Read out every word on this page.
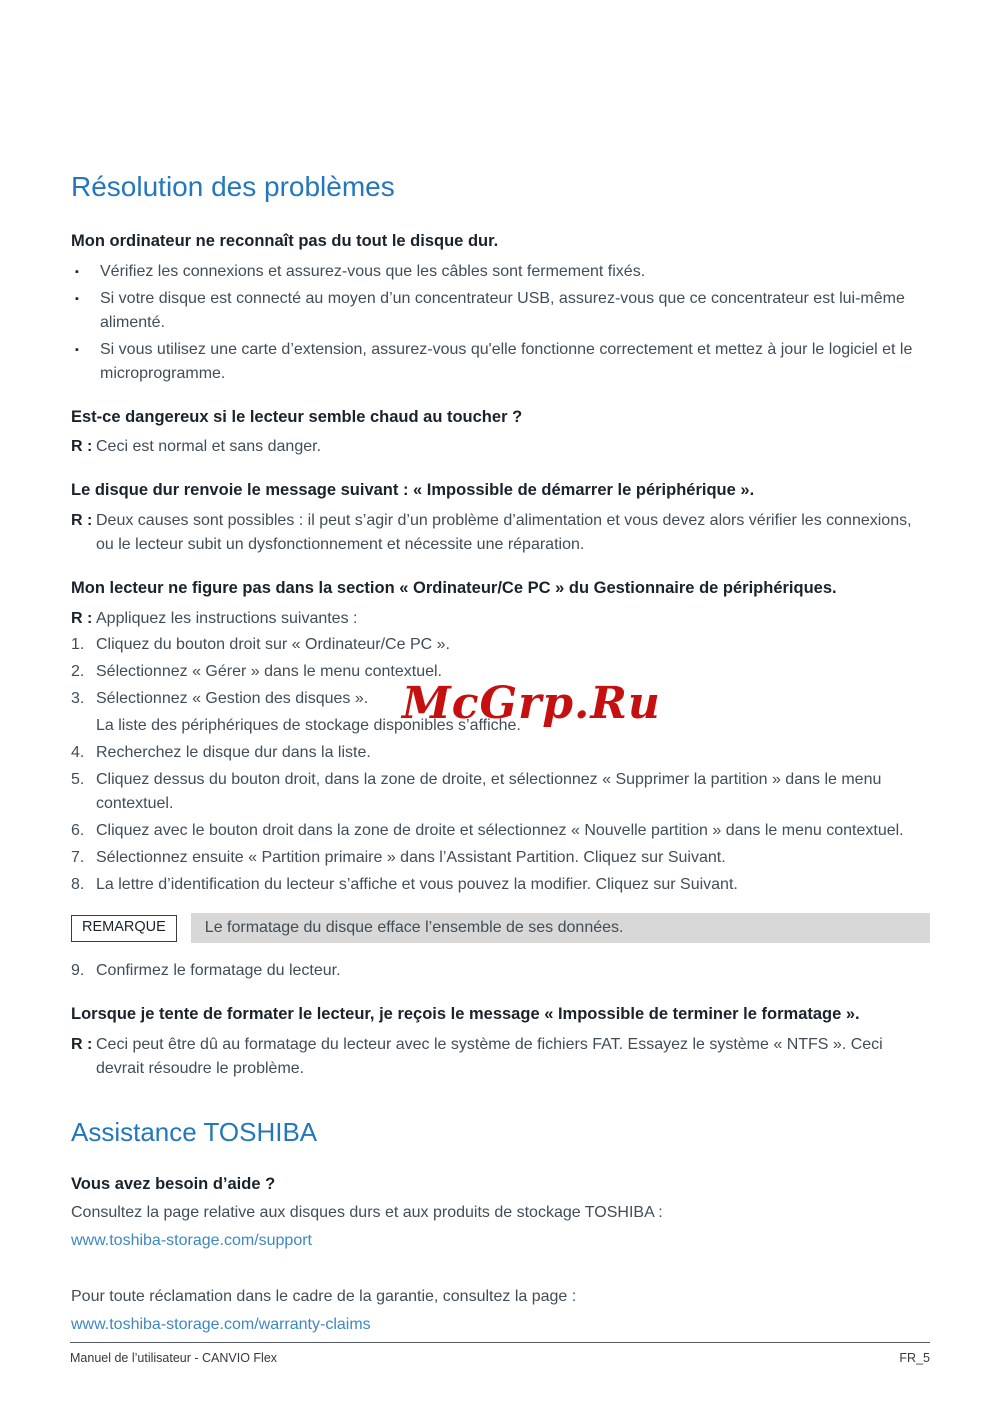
Résolution des problèmes
Mon ordinateur ne reconnaît pas du tout le disque dur.
▪ Vérifiez les connexions et assurez-vous que les câbles sont fermement fixés.
▪ Si votre disque est connecté au moyen d’un concentrateur USB, assurez-vous que ce concentrateur est lui-même alimenté.
▪ Si vous utilisez une carte d’extension, assurez-vous qu'elle fonctionne correctement et mettez à jour le logiciel et le microprogramme.
Est-ce dangereux si le lecteur semble chaud au toucher ?
R : Ceci est normal et sans danger.
Le disque dur renvoie le message suivant : « Impossible de démarrer le périphérique ».
R : Deux causes sont possibles : il peut s’agir d’un problème d’alimentation et vous devez alors vérifier les connexions, ou le lecteur subit un dysfonctionnement et nécessite une réparation.
Mon lecteur ne figure pas dans la section « Ordinateur/Ce PC » du Gestionnaire de périphériques.
R : Appliquez les instructions suivantes :
1. Cliquez du bouton droit sur « Ordinateur/Ce PC ».
2. Sélectionnez « Gérer » dans le menu contextuel.
3. Sélectionnez « Gestion des disques ».
La liste des périphériques de stockage disponibles s’affiche.
4. Recherchez le disque dur dans la liste.
5. Cliquez dessus du bouton droit, dans la zone de droite, et sélectionnez « Supprimer la partition » dans le menu contextuel.
6. Cliquez avec le bouton droit dans la zone de droite et sélectionnez « Nouvelle partition » dans le menu contextuel.
7. Sélectionnez ensuite « Partition primaire » dans l’Assistant Partition. Cliquez sur Suivant.
8. La lettre d’identification du lecteur s’affiche et vous pouvez la modifier. Cliquez sur Suivant.
REMARQUE	Le formatage du disque efface l’ensemble de ses données.
9. Confirmez le formatage du lecteur.
Lorsque je tente de formater le lecteur, je reçois le message « Impossible de terminer le formatage ».
R : Ceci peut être dû au formatage du lecteur avec le système de fichiers FAT. Essayez le système « NTFS ». Ceci devrait résoudre le problème.
Assistance TOSHIBA
Vous avez besoin d’aide ?
Consultez la page relative aux disques durs et aux produits de stockage TOSHIBA :
www.toshiba-storage.com/support
Pour toute réclamation dans le cadre de la garantie, consultez la page :
www.toshiba-storage.com/warranty-claims
McGrp.Ru
Manuel de l’utilisateur - CANVIO Flex	FR_5
